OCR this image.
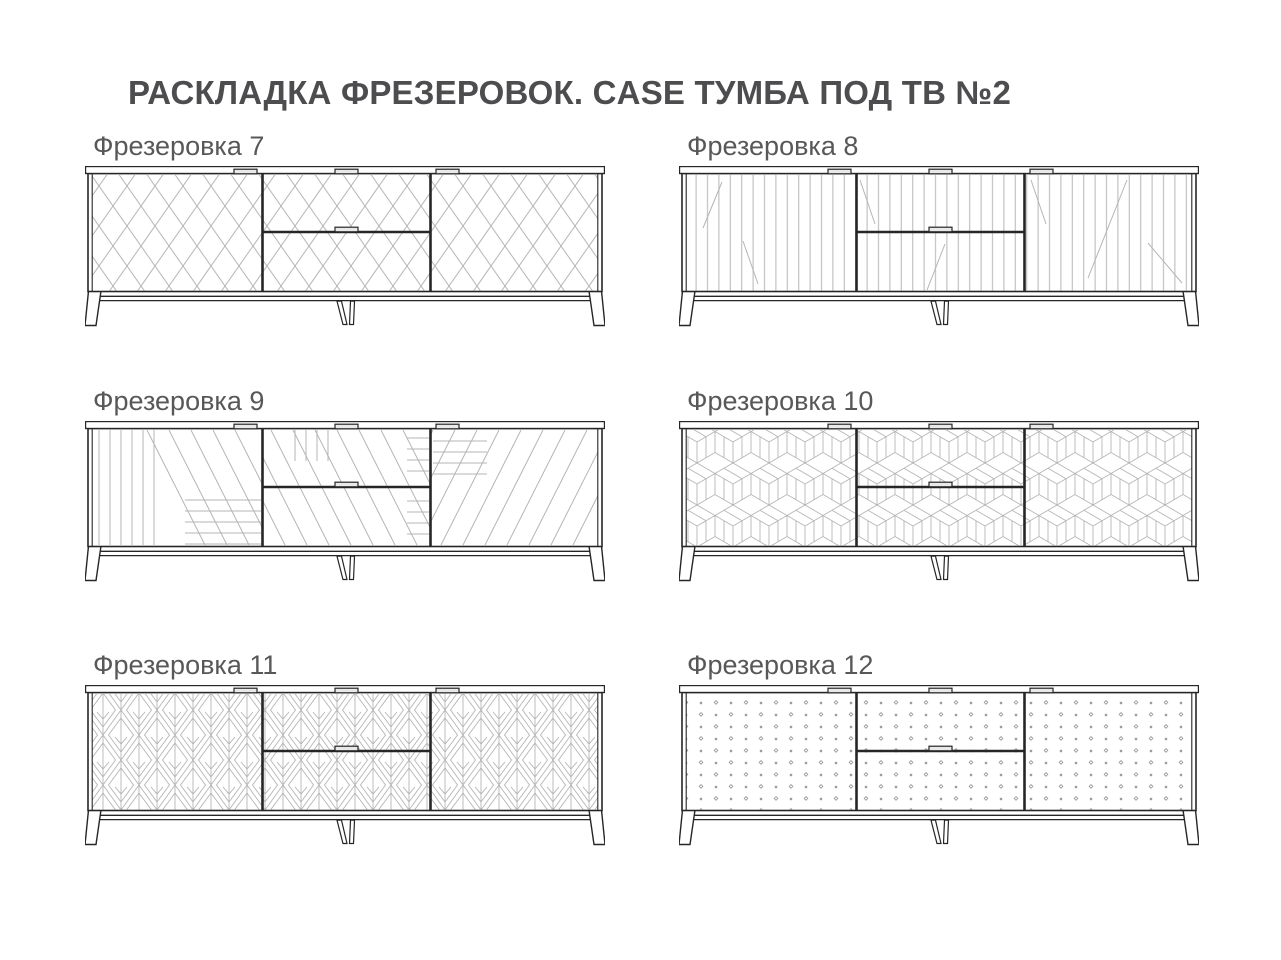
РАСКЛАДКА ФРЕЗЕРОВОК. CASE ТУМБА ПОД ТВ №2
Фрезеровка 7	Фрезеровка 8
Фрезеровка 9	Фрезеровка 10
Фрезеровка 11	Фрезеровка 12
